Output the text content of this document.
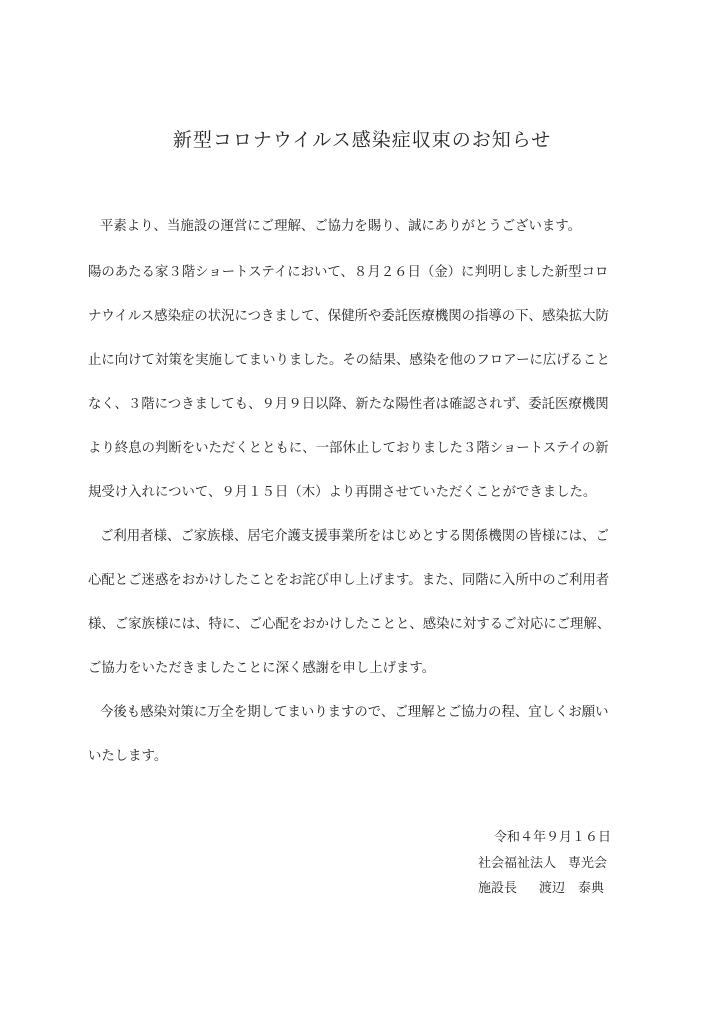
新型コロナウイルス感染症収束のお知らせ
平素より、当施設の運営にご理解、ご協力を賜り、誠にありがとうございます。
陽のあたる家３階ショートステイにおいて、８月２６日（金）に判明しました新型コロ
ナウイルス感染症の状況につきまして、保健所や委託医療機関の指導の下、感染拡大防
止に向けて対策を実施してまいりました。その結果、感染を他のフロアーに広げること
なく、３階につきましても、９月９日以降、新たな陽性者は確認されず、委託医療機関
より終息の判断をいただくとともに、一部休止しておりました３階ショートステイの新
規受け入れについて、９月１５日（木）より再開させていただくことができました。
ご利用者様、ご家族様、居宅介護支援事業所をはじめとする関係機関の皆様には、ご
心配とご迷惑をおかけしたことをお詫び申し上げます。また、同階に入所中のご利用者
様、ご家族様には、特に、ご心配をおかけしたことと、感染に対するご対応にご理解、
ご協力をいただきましたことに深く感謝を申し上げます。
今後も感染対策に万全を期してまいりますので、ご理解とご協力の程、宜しくお願い
いたします。
令和４年９月１６日
社会福祉法人 専光会
施設長 渡辺　泰典
